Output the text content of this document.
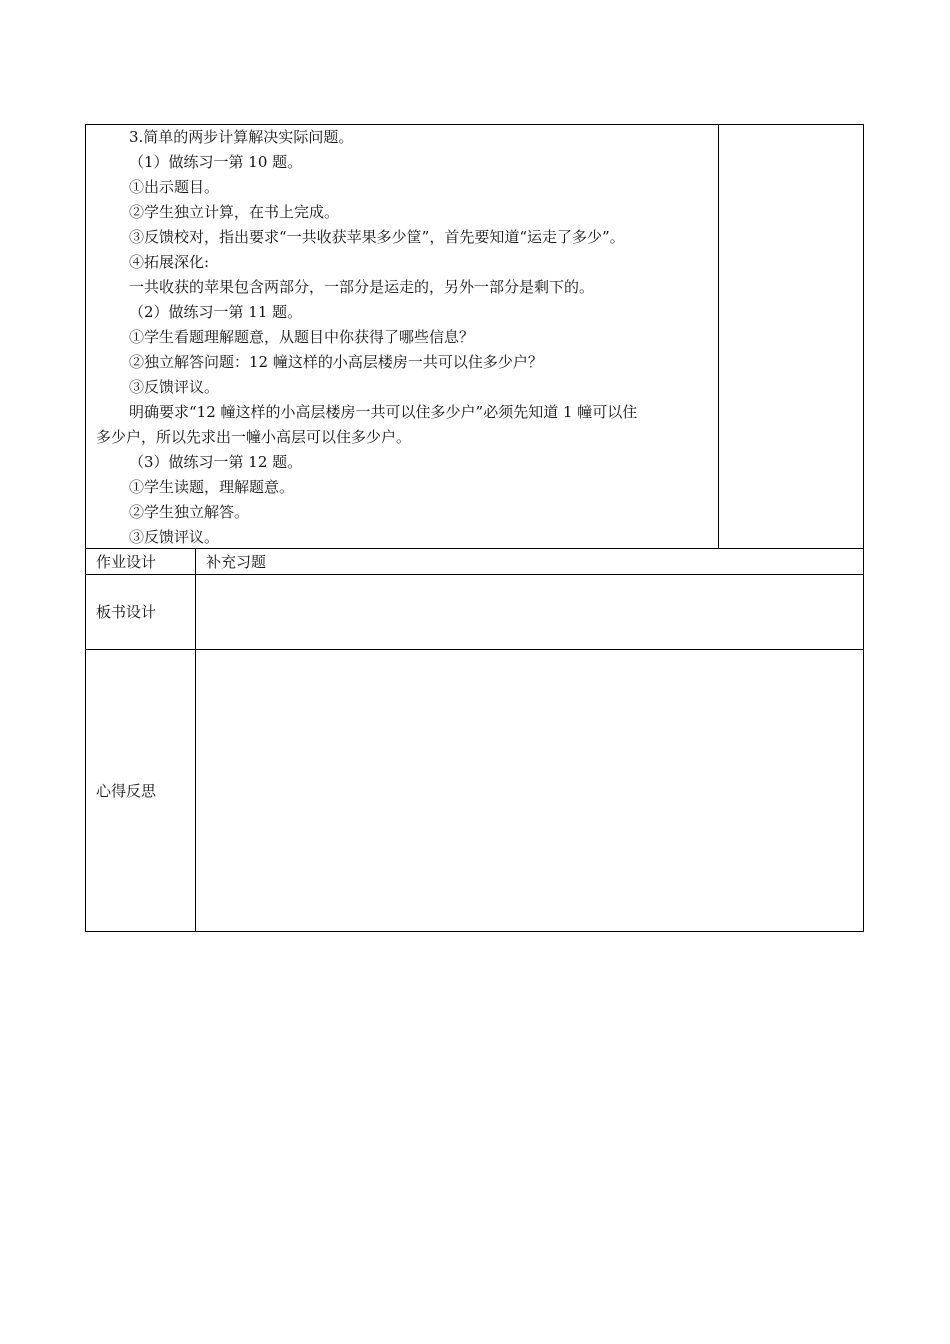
3.简单的两步计算解决实际问题。
（1）做练习一第 10 题。
①出示题目。
②学生独立计算，在书上完成。
③反馈校对，指出要求“一共收获苹果多少筐”，首先要知道“运走了多少”。
④拓展深化:
一共收获的苹果包含两部分，一部分是运走的，另外一部分是剩下的。
（2）做练习一第 11 题。
①学生看题理解题意，从题目中你获得了哪些信息？
②独立解答问题：12 幢这样的小高层楼房一共可以住多少户？
③反馈评议。
明确要求“12 幢这样的小高层楼房一共可以住多少户”必须先知道 1 幢可以住
多少户，所以先求出一幢小高层可以住多少户。
（3）做练习一第 12 题。
①学生读题，理解题意。
②学生独立解答。
③反馈评议。
作业设计	补充习题
板书设计
心得反思
